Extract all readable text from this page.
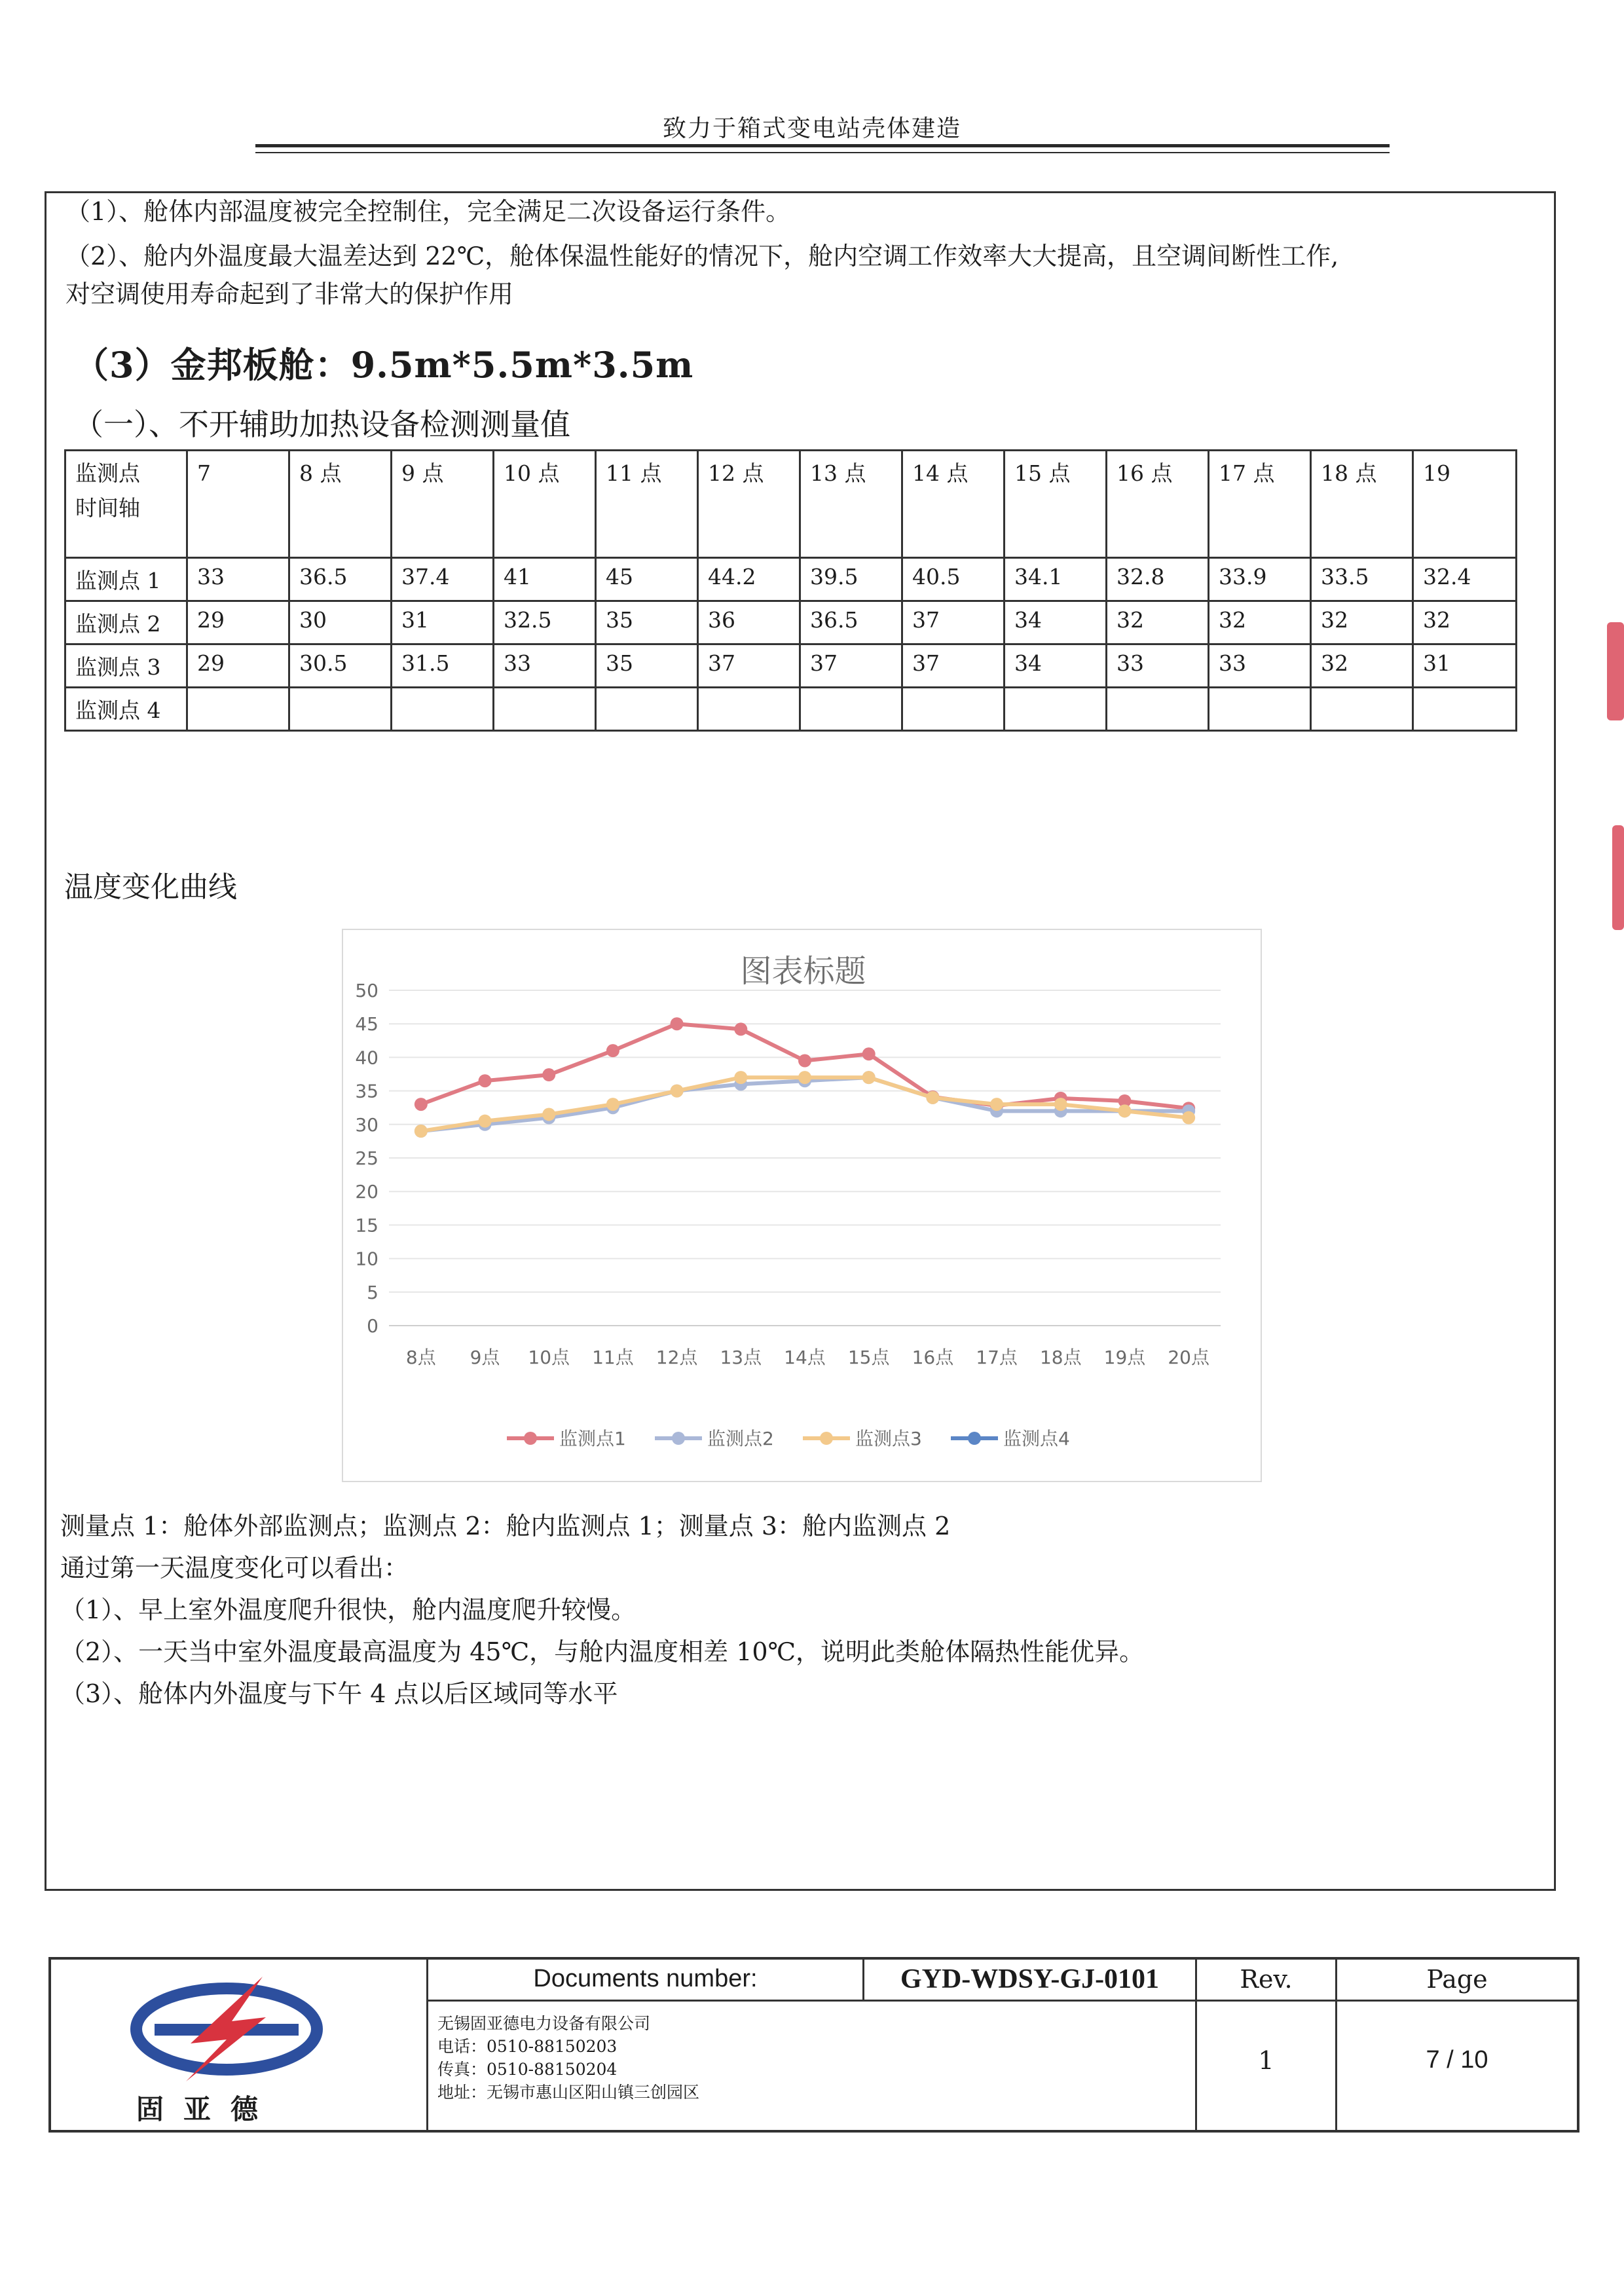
致力于箱式变电站壳体建造
（1）、舱体内部温度被完全控制住，完全满足二次设备运行条件。
（2）、舱内外温度最大温差达到 22℃，舱体保温性能好的情况下，舱内空调工作效率大大提高，且空调间断性工作,
对空调使用寿命起到了非常大的保护作用
（3）金邦板舱：9.5m*5.5m*3.5m
（一）、不开辅助加热设备检测测量值
监测点
时间轴	7	8 点	9 点	10 点	11 点	12 点	13 点	14 点	15 点	16 点	17 点	18 点	19
监测点 1	33	36.5	37.4	41	45	44.2	39.5	40.5	34.1	32.8	33.9	33.5	32.4
监测点 2	29	30	31	32.5	35	36	36.5	37	34	32	32	32	32
监测点 3	29	30.5	31.5	33	35	37	37	37	34	33	33	32	31
监测点 4													
温度变化曲线
图表标题
0
5
10
15
20
25
30
35
40
45
50
8点 9点 10点 11点 12点 13点 14点 15点 16点 17点 18点 19点 20点
监测点1	监测点2	监测点3	监测点4
测量点 1：舱体外部监测点；监测点 2：舱内监测点 1；测量点 3：舱内监测点 2
通过第一天温度变化可以看出：
（1）、早上室外温度爬升很快，舱内温度爬升较慢。
（2）、一天当中室外温度最高温度为 45℃，与舱内温度相差 10℃，说明此类舱体隔热性能优异。
（3）、舱体内外温度与下午 4 点以后区域同等水平
固亚德
Documents number:	GYD-WDSY-GJ-0101	Rev.	Page
无锡固亚德电力设备有限公司
电话：0510-88150203
传真：0510-88150204
地址：无锡市惠山区阳山镇三创园区
1	7 / 10
